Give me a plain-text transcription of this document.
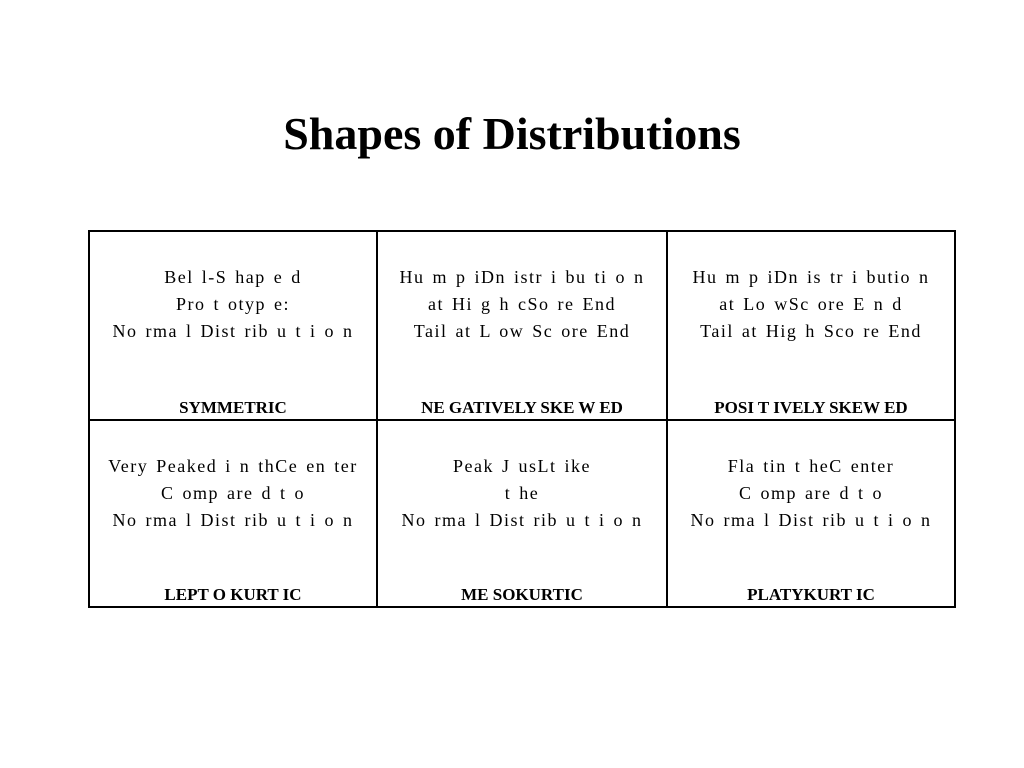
Shapes of Distributions
Bel l-S hap e d
Pro t otyp e:
No rma l Dist rib u t i o n
SYMMETRIC
Hu m p iDn istr i bu ti o n
at Hi g h cSo re End
Tail at L ow Sc ore End
NE GATIVELY SKE W ED
Hu m p iDn is tr i butio n
at Lo wSc ore E n d
Tail at Hig h Sco re End
POSI T IVELY SKEW ED
Very Peaked i n thCe en ter
C omp are d t o
No rma l Dist rib u t i o n
LEPT O KURT IC
Peak J usLt ike
t he
No rma l Dist rib u t i o n
ME SOKURTIC
Fla tin t heC enter
C omp are d t o
No rma l Dist rib u t i o n
PLATYKURT IC
